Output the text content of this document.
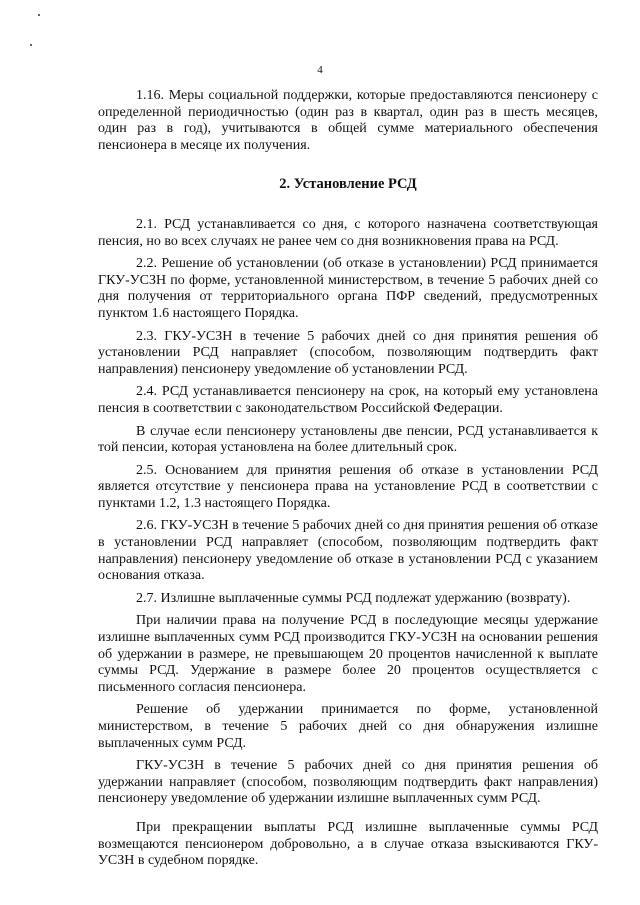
4

1.16. Меры социальной поддержки, которые предоставляются пенсионеру с определенной периодичностью (один раз в квартал, один раз в шесть месяцев, один раз в год), учитываются в общей сумме материального обеспечения пенсионера в месяце их получения.

2. Установление РСД

2.1. РСД устанавливается со дня, с которого назначена соответствующая пенсия, но во всех случаях не ранее чем со дня возникновения права на РСД.

2.2. Решение об установлении (об отказе в установлении) РСД принимается ГКУ-УСЗН по форме, установленной министерством, в течение 5 рабочих дней со дня получения от территориального органа ПФР сведений, предусмотренных пунктом 1.6 настоящего Порядка.

2.3. ГКУ-УСЗН в течение 5 рабочих дней со дня принятия решения об установлении РСД направляет (способом, позволяющим подтвердить факт направления) пенсионеру уведомление об установлении РСД.

2.4. РСД устанавливается пенсионеру на срок, на который ему установлена пенсия в соответствии с законодательством Российской Федерации.

В случае если пенсионеру установлены две пенсии, РСД устанавливается к той пенсии, которая установлена на более длительный срок.

2.5. Основанием для принятия решения об отказе в установлении РСД является отсутствие у пенсионера права на установление РСД в соответствии с пунктами 1.2, 1.3 настоящего Порядка.

2.6. ГКУ-УСЗН в течение 5 рабочих дней со дня принятия решения об отказе в установлении РСД направляет (способом, позволяющим подтвердить факт направления) пенсионеру уведомление об отказе в установлении РСД с указанием основания отказа.

2.7. Излишне выплаченные суммы РСД подлежат удержанию (возврату).

При наличии права на получение РСД в последующие месяцы удержание излишне выплаченных сумм РСД производится ГКУ-УСЗН на основании решения об удержании в размере, не превышающем 20 процентов начисленной к выплате суммы РСД. Удержание в размере более 20 процентов осуществляется с письменного согласия пенсионера.

Решение об удержании принимается по форме, установленной министерством, в течение 5 рабочих дней со дня обнаружения излишне выплаченных сумм РСД.

ГКУ-УСЗН в течение 5 рабочих дней со дня принятия решения об удержании направляет (способом, позволяющим подтвердить факт направления) пенсионеру уведомление об удержании излишне выплаченных сумм РСД.

При прекращении выплаты РСД излишне выплаченные суммы РСД возмещаются пенсионером добровольно, а в случае отказа взыскиваются ГКУ-УСЗН в судебном порядке.
